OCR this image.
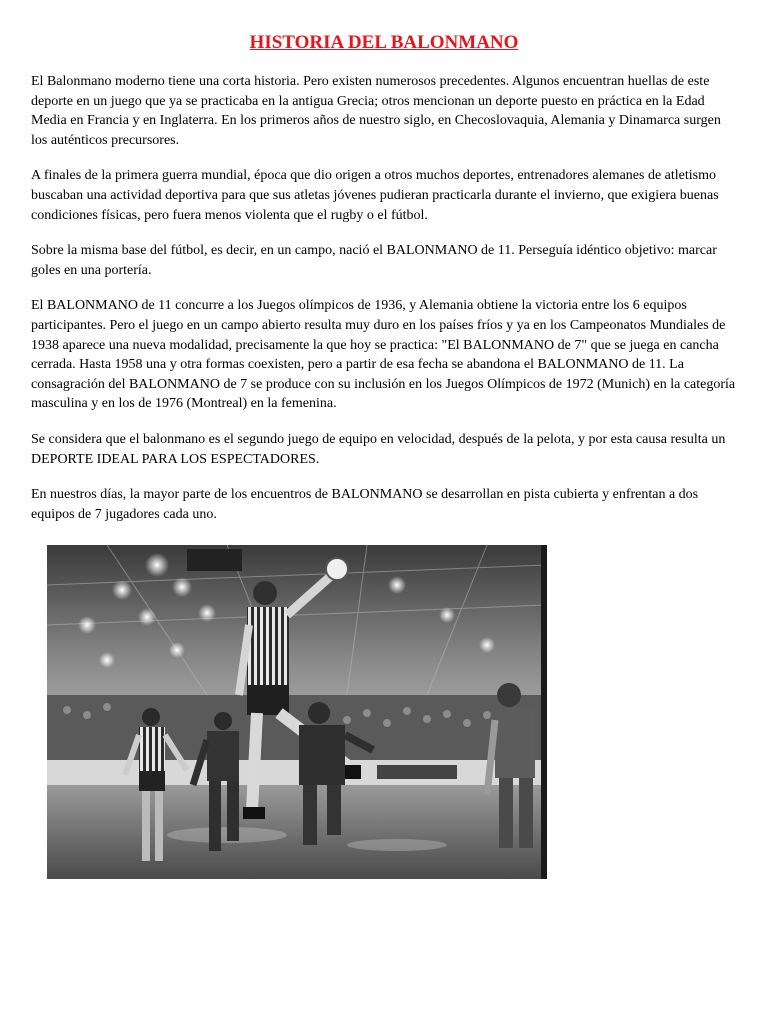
HISTORIA DEL BALONMANO

El Balonmano moderno tiene una corta historia. Pero existen numerosos precedentes. Algunos encuentran huellas de este deporte en un juego que ya se practicaba en la antigua Grecia; otros mencionan un deporte puesto en práctica en la Edad Media en Francia y en Inglaterra. En los primeros años de nuestro siglo, en Checoslovaquia, Alemania y Dinamarca surgen los auténticos precursores.

A finales de la primera guerra mundial, época que dio origen a otros muchos deportes, entrenadores alemanes de atletismo buscaban una actividad deportiva para que sus atletas jóvenes pudieran practicarla durante el invierno, que exigiera buenas condiciones físicas, pero fuera menos violenta que el rugby o el fútbol.

Sobre la misma base del fútbol, es decir, en un campo, nació el BALONMANO de 11. Perseguía idéntico objetivo: marcar goles en una portería.

El BALONMANO de 11 concurre a los Juegos olímpicos de 1936, y Alemania obtiene la victoria entre los 6 equipos participantes. Pero el juego en un campo abierto resulta muy duro en los países fríos y ya en los Campeonatos Mundiales de 1938 aparece una nueva modalidad, precisamente la que hoy se practica: "El BALONMANO de 7" que se juega en cancha cerrada. Hasta 1958 una y otra formas coexisten, pero a partir de esa fecha se abandona el BALONMANO de 11. La consagración del BALONMANO de 7 se produce con su inclusión en los Juegos Olímpicos de 1972 (Munich) en la categoría masculina y en los de 1976 (Montreal) en la femenina.

Se considera que el balonmano es el segundo juego de equipo en velocidad, después de la pelota, y por esta causa resulta un DEPORTE IDEAL PARA LOS ESPECTADORES.

En nuestros días, la mayor parte de los encuentros de BALONMANO se desarrollan en pista cubierta y enfrentan a dos equipos de 7 jugadores cada uno.
